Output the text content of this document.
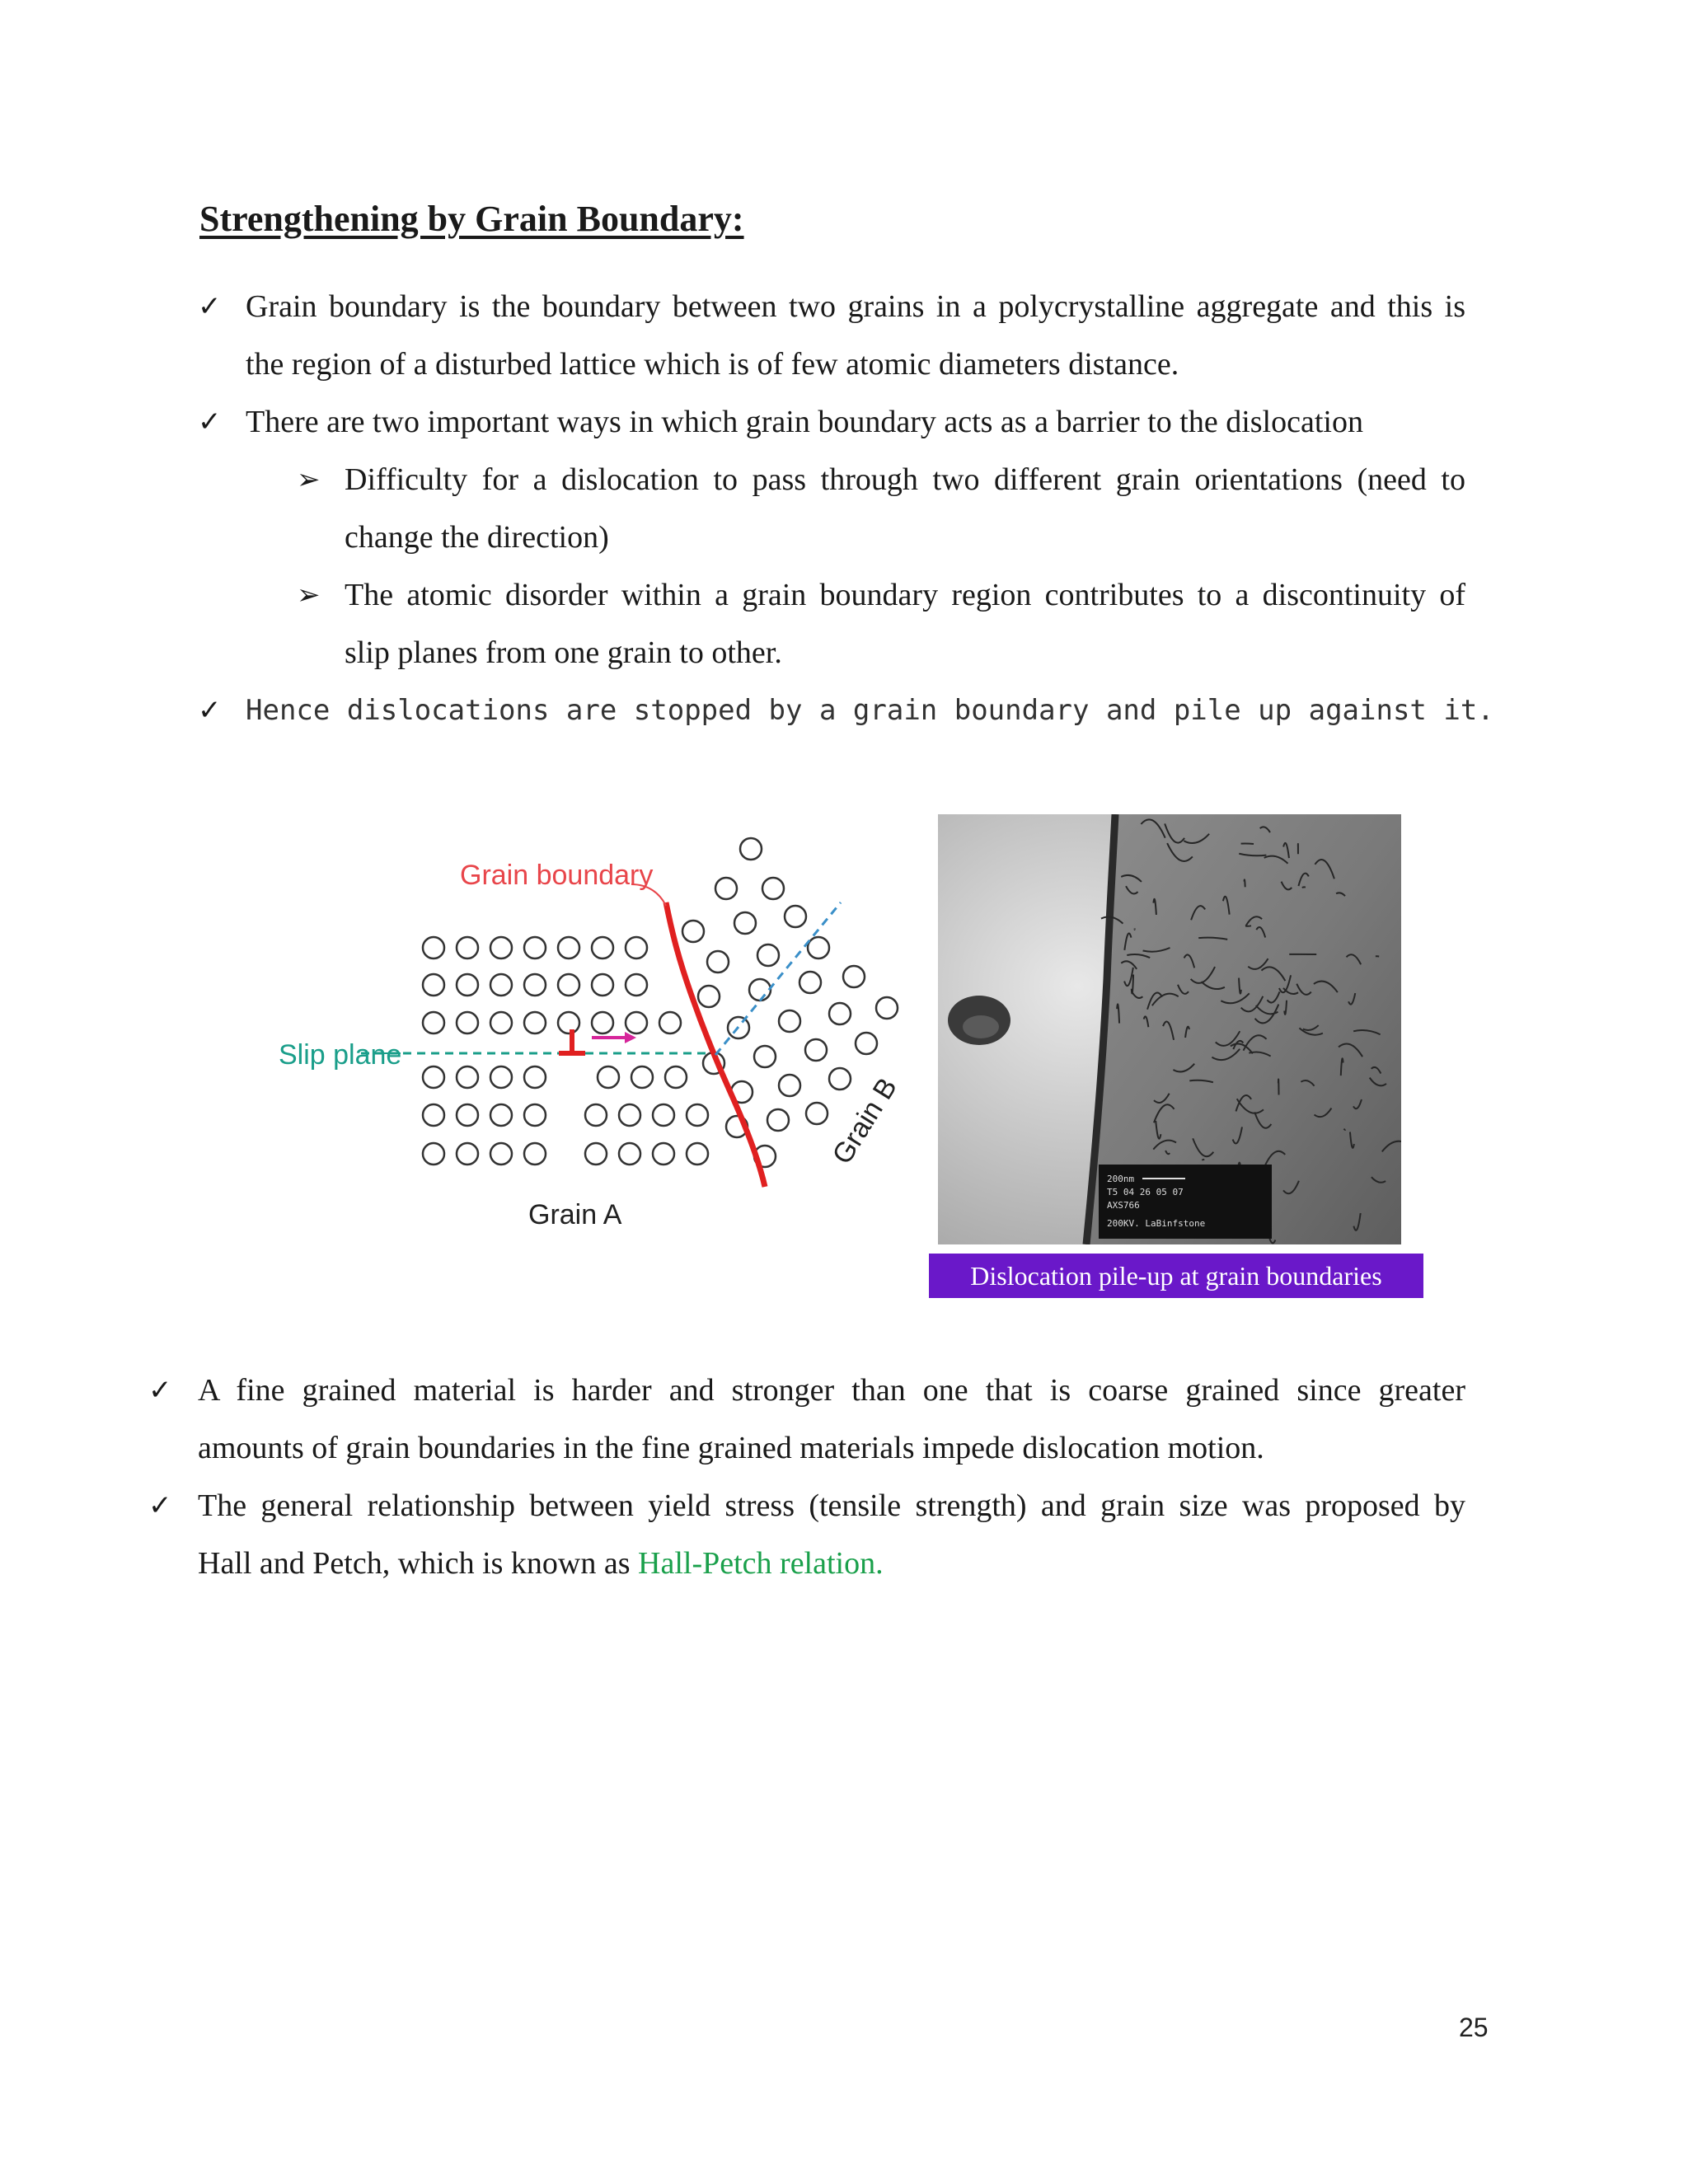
Strengthening by Grain Boundary:
✓ Grain boundary is the boundary between two grains in a polycrystalline aggregate and this is
the region of a disturbed lattice which is of few atomic diameters distance.
✓ There are two important ways in which grain boundary acts as a barrier to the dislocation
➢ Difficulty for a dislocation to pass through two different grain orientations (need to
change the direction)
➢ The atomic disorder within a grain boundary region contributes to a discontinuity of
slip planes from one grain to other.
✓ Hence dislocations are stopped by a grain boundary and pile up against it.
Grain boundary
Slip plane
Grain A
Grain B
200nm
T5 04 26 05 07
AXS766
200KV. LaBinfstone
Dislocation pile-up at grain boundaries
✓ A fine grained material is harder and stronger than one that is coarse grained since greater
amounts of grain boundaries in the fine grained materials impede dislocation motion.
✓ The general relationship between yield stress (tensile strength) and grain size was proposed by
Hall and Petch, which is known as Hall-Petch relation.
25
